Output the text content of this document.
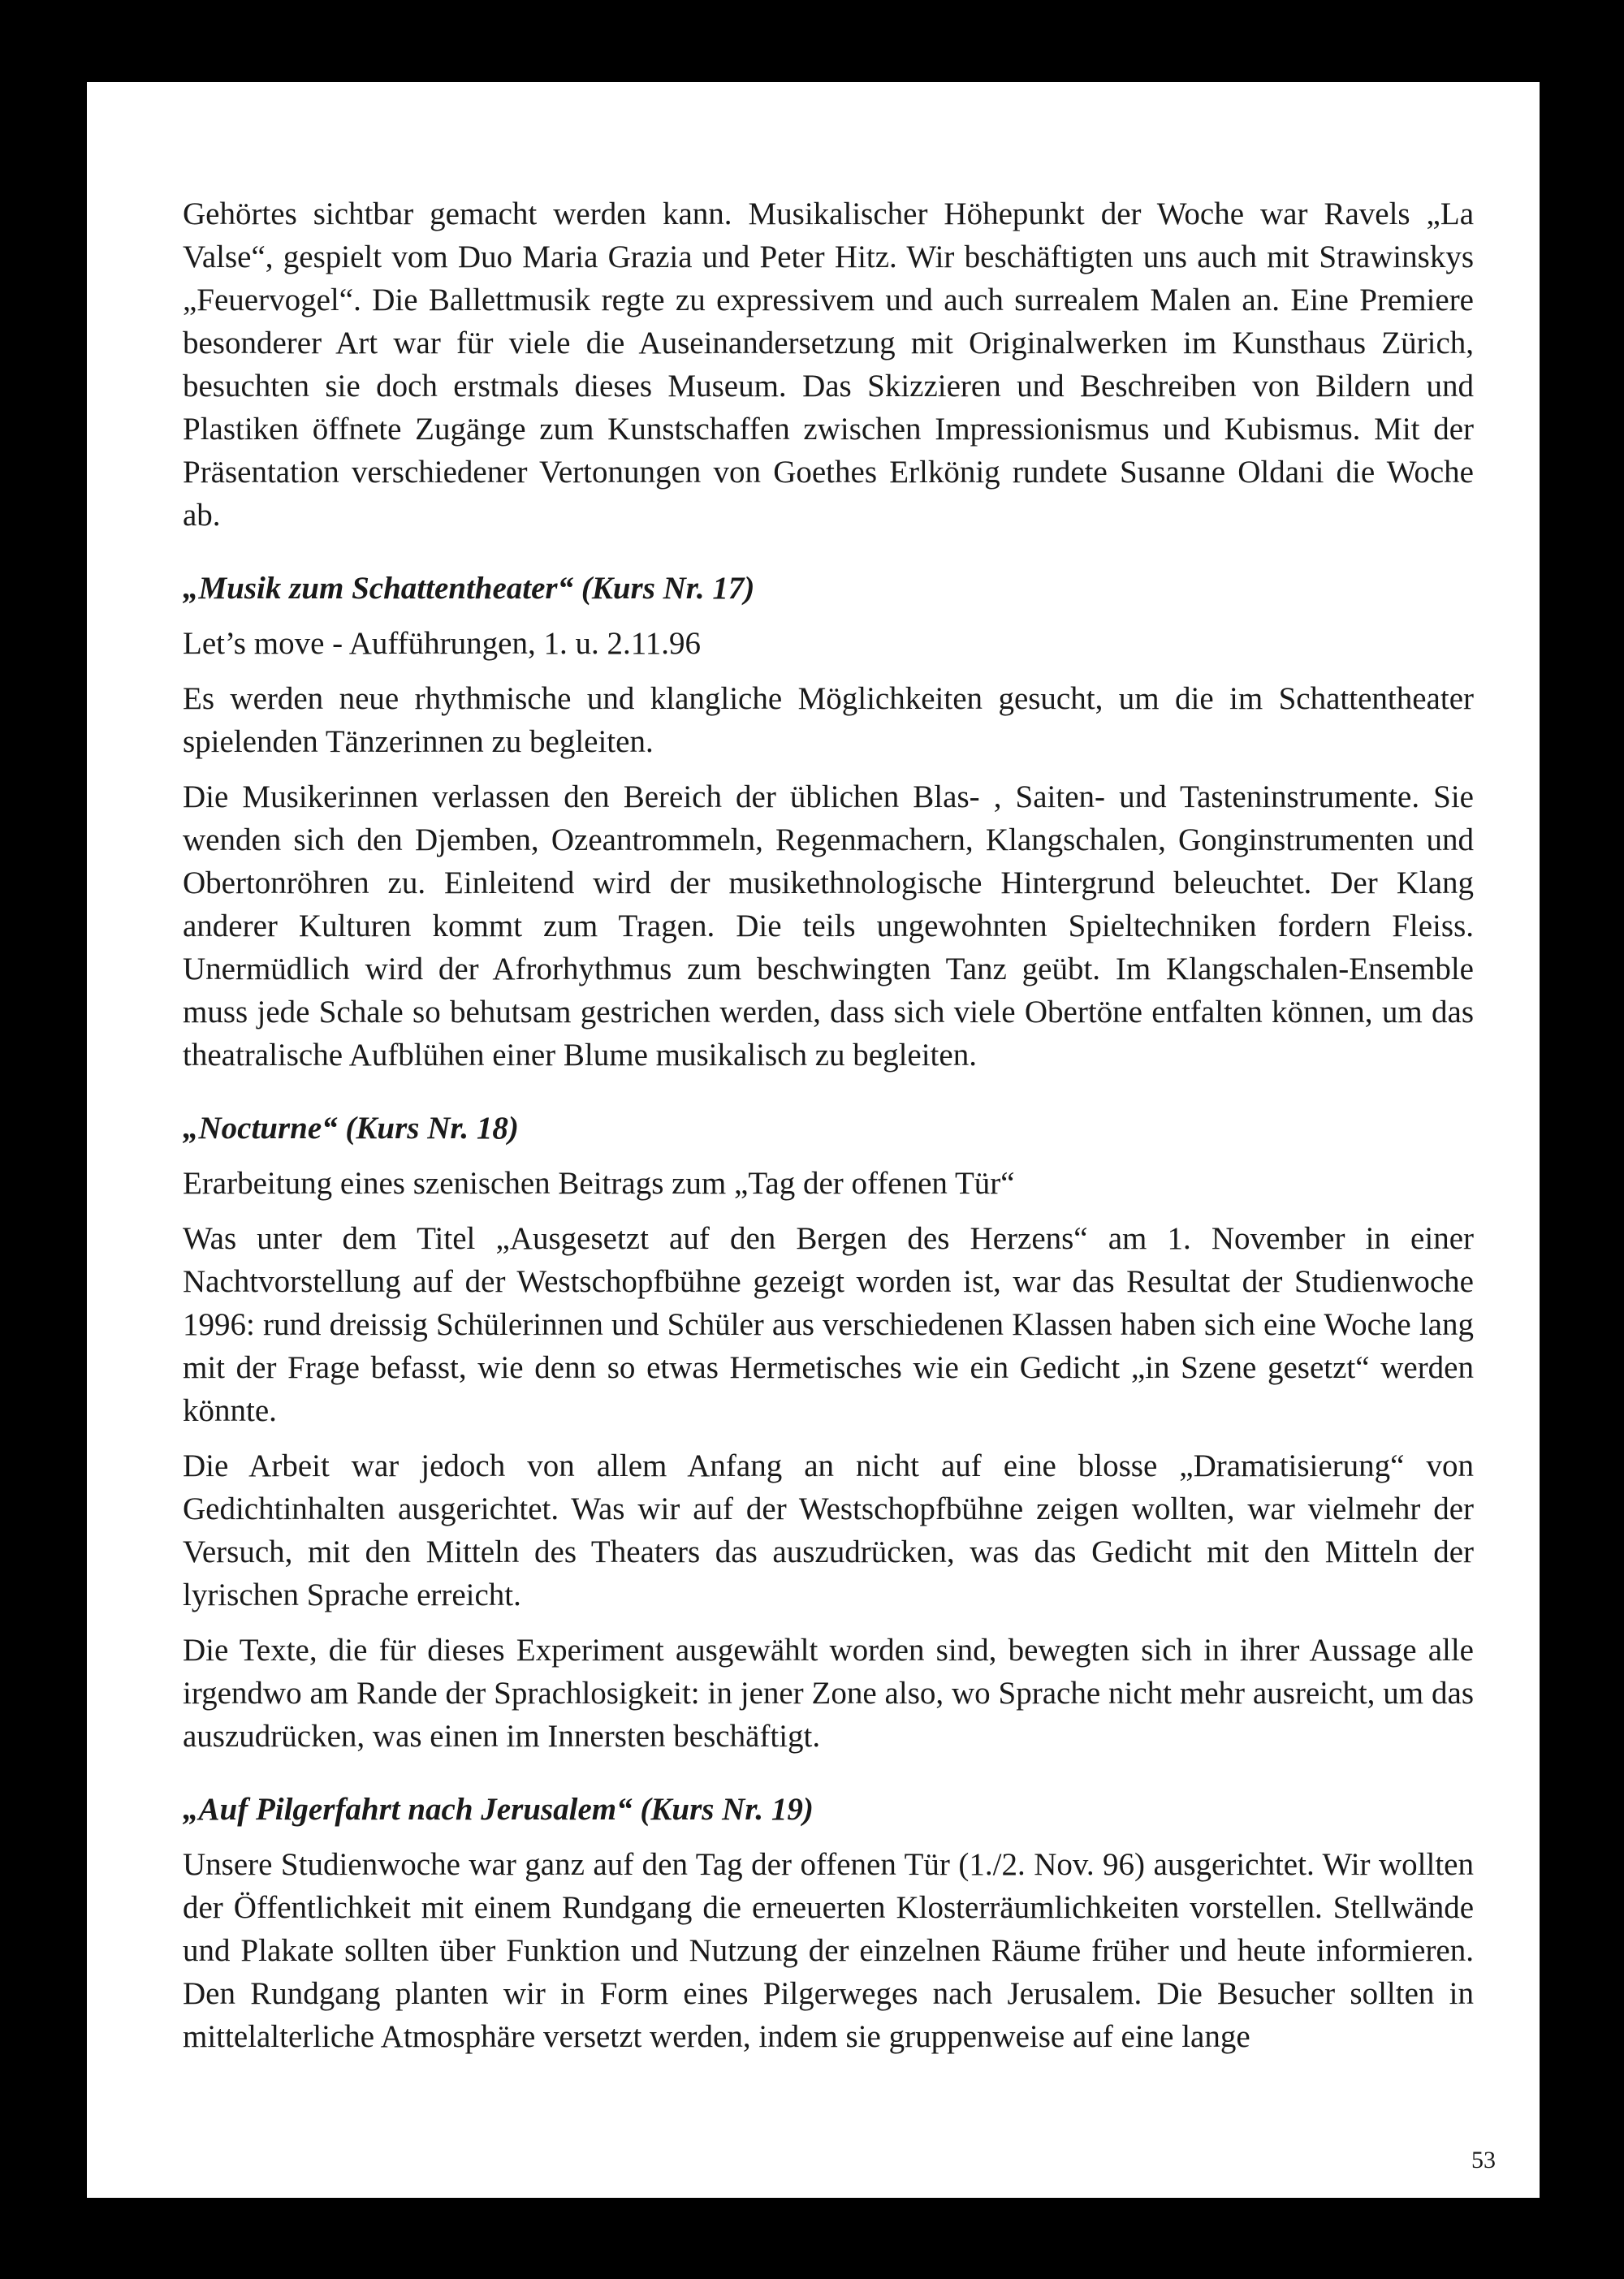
Gehörtes sichtbar gemacht werden kann. Musikalischer Höhepunkt der Woche war Ravels „La Valse“, gespielt vom Duo Maria Grazia und Peter Hitz. Wir beschäftigten uns auch mit Strawinskys „Feuervogel“. Die Ballettmusik regte zu expressivem und auch surrealem Malen an. Eine Premiere besonderer Art war für viele die Auseinandersetzung mit Originalwerken im Kunsthaus Zürich, besuchten sie doch erstmals dieses Museum. Das Skizzieren und Beschreiben von Bildern und Plastiken öffnete Zugänge zum Kunstschaffen zwischen Impressionismus und Kubismus. Mit der Präsentation verschiedener Vertonungen von Goethes Erlkönig rundete Susanne Oldani die Woche ab.

„Musik zum Schattentheater“ (Kurs Nr. 17)

Let’s move - Aufführungen, 1. u. 2.11.96

Es werden neue rhythmische und klangliche Möglichkeiten gesucht, um die im Schattentheater spielenden Tänzerinnen zu begleiten.

Die Musikerinnen verlassen den Bereich der üblichen Blas- , Saiten- und Tasteninstrumente. Sie wenden sich den Djemben, Ozeantrommeln, Regenmachern, Klangschalen, Gonginstrumenten und Obertonröhren zu. Einleitend wird der musikethnologische Hintergrund beleuchtet. Der Klang anderer Kulturen kommt zum Tragen. Die teils ungewohnten Spieltechniken fordern Fleiss. Unermüdlich wird der Afrorhythmus zum beschwingten Tanz geübt. Im Klangschalen-Ensemble muss jede Schale so behutsam gestrichen werden, dass sich viele Obertöne entfalten können, um das theatralische Aufblühen einer Blume musikalisch zu begleiten.

„Nocturne“ (Kurs Nr. 18)

Erarbeitung eines szenischen Beitrags zum „Tag der offenen Tür“

Was unter dem Titel „Ausgesetzt auf den Bergen des Herzens“ am 1. November in einer Nachtvorstellung auf der Westschopfbühne gezeigt worden ist, war das Resultat der Studienwoche 1996: rund dreissig Schülerinnen und Schüler aus verschiedenen Klassen haben sich eine Woche lang mit der Frage befasst, wie denn so etwas Hermetisches wie ein Gedicht „in Szene gesetzt“ werden könnte.

Die Arbeit war jedoch von allem Anfang an nicht auf eine blosse „Dramatisierung“ von Gedichtinhalten ausgerichtet. Was wir auf der Westschopfbühne zeigen wollten, war vielmehr der Versuch, mit den Mitteln des Theaters das auszudrücken, was das Gedicht mit den Mitteln der lyrischen Sprache erreicht.

Die Texte, die für dieses Experiment ausgewählt worden sind, bewegten sich in ihrer Aussage alle irgendwo am Rande der Sprachlosigkeit: in jener Zone also, wo Sprache nicht mehr ausreicht, um das auszudrücken, was einen im Innersten beschäftigt.

„Auf Pilgerfahrt nach Jerusalem“ (Kurs Nr. 19)

Unsere Studienwoche war ganz auf den Tag der offenen Tür (1./2. Nov. 96) ausgerichtet. Wir wollten der Öffentlichkeit mit einem Rundgang die erneuerten Klosterräumlichkeiten vorstellen. Stellwände und Plakate sollten über Funktion und Nutzung der einzelnen Räume früher und heute informieren. Den Rundgang planten wir in Form eines Pilgerweges nach Jerusalem. Die Besucher sollten in mittelalterliche Atmosphäre versetzt werden, indem sie gruppenweise auf eine lange

53
